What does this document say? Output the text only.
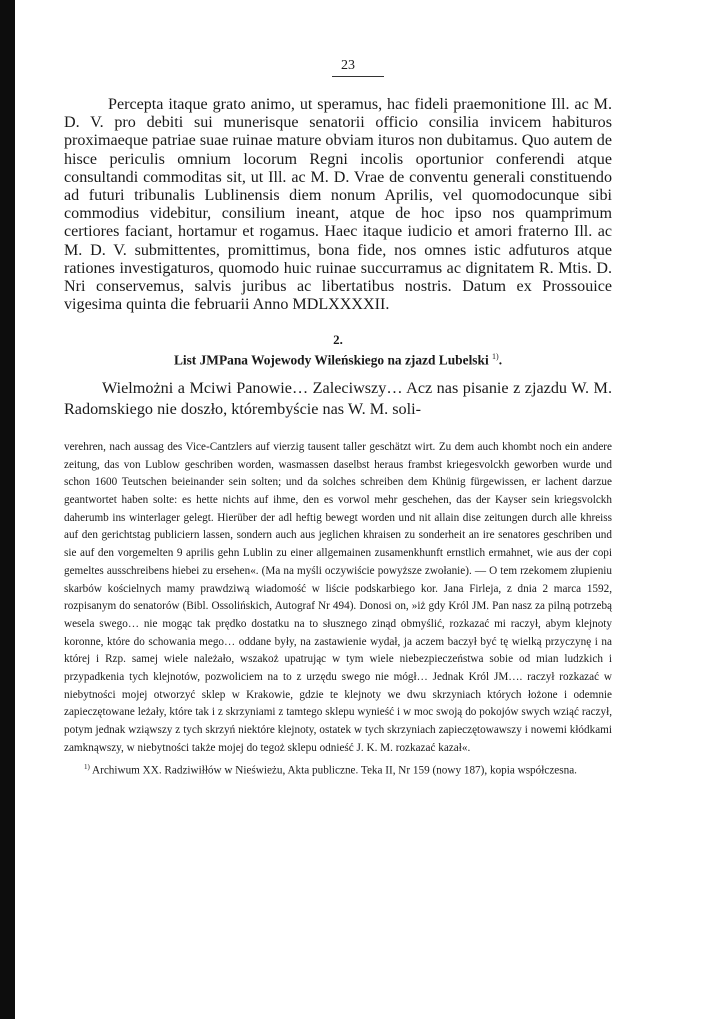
23

Percepta itaque grato animo, ut speramus, hac fideli praemonitione Ill. ac M. D. V. pro debiti sui munerisque senatorii officio consilia invicem habituros proximaeque patriae suae ruinae mature obviam ituros non dubitamus. Quo autem de hisce periculis omnium locorum Regni incolis oportunior conferendi atque consultandi commoditas sit, ut Ill. ac M. D. Vrae de conventu generali constituendo ad futuri tribunalis Lublinensis diem nonum Aprilis, vel quomodocunque sibi commodius videbitur, consilium ineant, atque de hoc ipso nos quamprimum certiores faciant, hortamur et rogamus. Haec itaque iudicio et amori fraterno Ill. ac M. D. V. submittentes, promittimus, bona fide, nos omnes istic adfuturos atque rationes investigaturos, quomodo huic ruinae succurramus ac dignitatem R. Mtis. D. Nri conservemus, salvis juribus ac libertatibus nostris. Datum ex Prossouice vigesima quinta die februarii Anno MDLXXXXII.

2.
List JMPana Wojewody Wileńskiego na zjazd Lubelski $^{1)}$.

Wielmożni a Mciwi Panowie… Zaleciwszy… Acz nas pisanie z zjazdu W. M. Radomskiego nie doszło, którembyście nas W. M. soli-

verehren, nach aussag des Vice-Cantzlers auf vierzig tausent taller geschätzt wirt. Zu dem auch khombt noch ein andere zeitung, das von Lublow geschriben worden, wasmassen daselbst heraus frambst kriegesvolckh geworben wurde und schon 1600 Teutschen beieinander sein solten; und da solches schreiben dem Khünig fürgewissen, er lachent darzue geantwortet haben solte: es hette nichts auf ihme, den es vorwol mehr geschehen, das der Kayser sein kriegsvolckh daherumb ins winterlager gelegt. Hierüber der adl heftig bewegt worden und nit allain dise zeitungen durch alle khreiss auf den gerichtstag publiciern lassen, sondern auch aus jeglichen khraisen zu sonderheit an ire senatores geschriben und sie auf den vorgemelten 9 aprilis gehn Lublin zu einer allgemainen zusamenkhunft ernstlich ermahnet, wie aus der copi gemeltes ausschreibens hiebei zu ersehen«. (Ma na myśli oczywiście powyższe zwołanie). — O tem rzekomem złupieniu skarbów kościelnych mamy prawdziwą wiadomość w liście podskarbiego kor. Jana Firleja, z dnia 2 marca 1592, rozpisanym do senatorów (Bibl. Ossolińskich, Autograf Nr 494). Donosi on, »iż gdy Król JM. Pan nasz za pilną potrzebą wesela swego… nie mogąc tak prędko dostatku na to słusznego zinąd obmyślić, rozkazać mi raczył, abym klejnoty koronne, które do schowania mego… oddane były, na zastawienie wydał, ja aczem baczył być tę wielką przyczynę i na której i Rzp. samej wiele należało, wszakoż upatrując w tym wiele niebezpieczeństwa sobie od mian ludzkich i przypadkenia tych klejnotów, pozwoliciem na to z urzędu swego nie mógł… Jednak Król JM…. raczył rozkazać w niebytności mojej otworzyć sklep w Krakowie, gdzie te klejnoty we dwu skrzyniach których łożone i odemnie zapieczętowane leżały, które tak i z skrzyniami z tamtego sklepu wynieść i w moc swoją do pokojów swych wziąć raczył, potym jednak wziąwszy z tych skrzyń niektóre klejnoty, ostatek w tych skrzyniach zapieczętowawszy i nowemi kłódkami zamknąwszy, w niebytności także mojej do tegoż sklepu odnieść J. K. M. rozkazać kazał«.

$^{1)}$ Archiwum XX. Radziwiłłów w Nieświeżu, Akta publiczne. Teka II, Nr 159 (nowy 187), kopia współczesna.
